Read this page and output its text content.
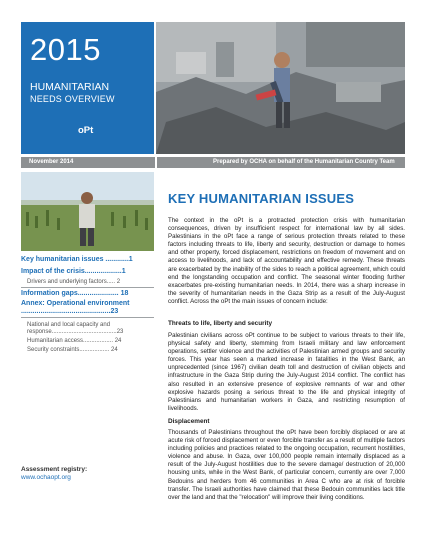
2015
HUMANITARIAN
NEEDS OVERVIEW
oPt
November 2014	Prepared by OCHA on behalf of the Humanitarian Country Team
Key humanitarian issues ............1
Impact of the crisis...................1
Drivers and underlying factors..... 2
Information gaps..................... 18
Annex: Operational environment
..............................................23
National and local capacity and
response.......................................23
Humanitarian access.................. 24
Security constraints.................. 24
Assessment registry:
www.ochaopt.org
KEY HUMANITARIAN ISSUES
The context in the oPt is a protracted protection crisis with humanitarian consequences, driven by insufficient respect for international law by all sides. Palestinians in the oPt face a range of serious protection threats related to these factors including threats to life, liberty and security, destruction or damage to homes and other property, forced displacement, restrictions on freedom of movement and on access to livelihoods, and lack of accountability and effective remedy. These threats are exacerbated by the inability of the sides to reach a political agreement, which could end the longstanding occupation and conflict. The seasonal winter flooding further exacerbates pre-existing humanitarian needs. In 2014, there was a sharp increase in the severity of humanitarian needs in the Gaza Strip as a result of the July-August conflict. Across the oPt the main issues of concern include:
Threats to life, liberty and security
Palestinian civilians across oPt continue to be subject to various threats to their life, physical safety and liberty, stemming from Israeli military and law enforcement operations, settler violence and the activities of Palestinian armed groups and security forces. This year has seen a marked increase in fatalities in the West Bank, an unprecedented (since 1967) civilian death toll and destruction of civilian objects and infrastructure in the Gaza Strip during the July-August 2014 conflict. The conflict has also resulted in an extensive presence of explosive remnants of war and other explosive hazards posing a serious threat to the life and physical integrity of Palestinians and humanitarian workers in Gaza, and restricting resumption of livelihoods.
Displacement
Thousands of Palestinians throughout the oPt have been forcibly displaced or are at acute risk of forced displacement or even forcible transfer as a result of multiple factors including policies and practices related to the ongoing occupation, recurrent hostilities, violence and abuse. In Gaza, over 100,000 people remain internally displaced as a result of the July-August hostilities due to the severe damage/ destruction of 20,000 housing units, while in the West Bank, of particular concern, currently are over 7,000 Bedouins and herders from 46 communities in Area C who are at risk of forcible transfer. The Israeli authorities have claimed that these Bedouin communities lack title over the land and that the "relocation" will improve their living conditions.
